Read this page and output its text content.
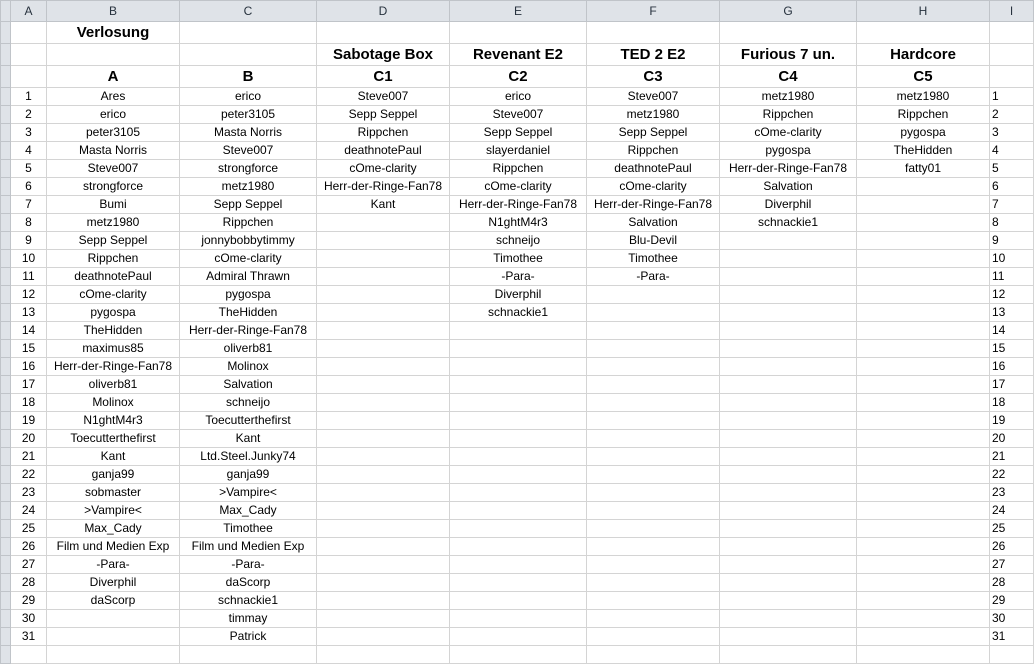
	A	B	C	D	E	F	G	H	I
		Verlosung							
				Sabotage Box	Revenant E2	TED 2 E2	Furious 7 un.	Hardcore	
		A	B	C1	C2	C3	C4	C5	
	1	Ares	erico	Steve007	erico	Steve007	metz1980	metz1980	1
	2	erico	peter3105	Sepp Seppel	Steve007	metz1980	Rippchen	Rippchen	2
	3	peter3105	Masta Norris	Rippchen	Sepp Seppel	Sepp Seppel	cOme-clarity	pygospa	3
	4	Masta Norris	Steve007	deathnotePaul	slayerdaniel	Rippchen	pygospa	TheHidden	4
	5	Steve007	strongforce	cOme-clarity	Rippchen	deathnotePaul	Herr-der-Ringe-Fan78	fatty01	5
	6	strongforce	metz1980	Herr-der-Ringe-Fan78	cOme-clarity	cOme-clarity	Salvation		6
	7	Bumi	Sepp Seppel	Kant	Herr-der-Ringe-Fan78	Herr-der-Ringe-Fan78	Diverphil		7
	8	metz1980	Rippchen		N1ghtM4r3	Salvation	schnackie1		8
	9	Sepp Seppel	jonnybobbytimmy		schneijo	Blu-Devil			9
	10	Rippchen	cOme-clarity		Timothee	Timothee			10
	11	deathnotePaul	Admiral Thrawn		-Para-	-Para-			11
	12	cOme-clarity	pygospa		Diverphil				12
	13	pygospa	TheHidden		schnackie1				13
	14	TheHidden	Herr-der-Ringe-Fan78						14
	15	maximus85	oliverb81						15
	16	Herr-der-Ringe-Fan78	Molinox						16
	17	oliverb81	Salvation						17
	18	Molinox	schneijo						18
	19	N1ghtM4r3	Toecutterthefirst						19
	20	Toecutterthefirst	Kant						20
	21	Kant	Ltd.Steel.Junky74						21
	22	ganja99	ganja99						22
	23	sobmaster	>Vampire<						23
	24	>Vampire<	Max_Cady						24
	25	Max_Cady	Timothee						25
	26	Film und Medien Exp	Film und Medien Exp						26
	27	-Para-	-Para-						27
	28	Diverphil	daScorp						28
	29	daScorp	schnackie1						29
	30		timmay						30
	31		Patrick						31
